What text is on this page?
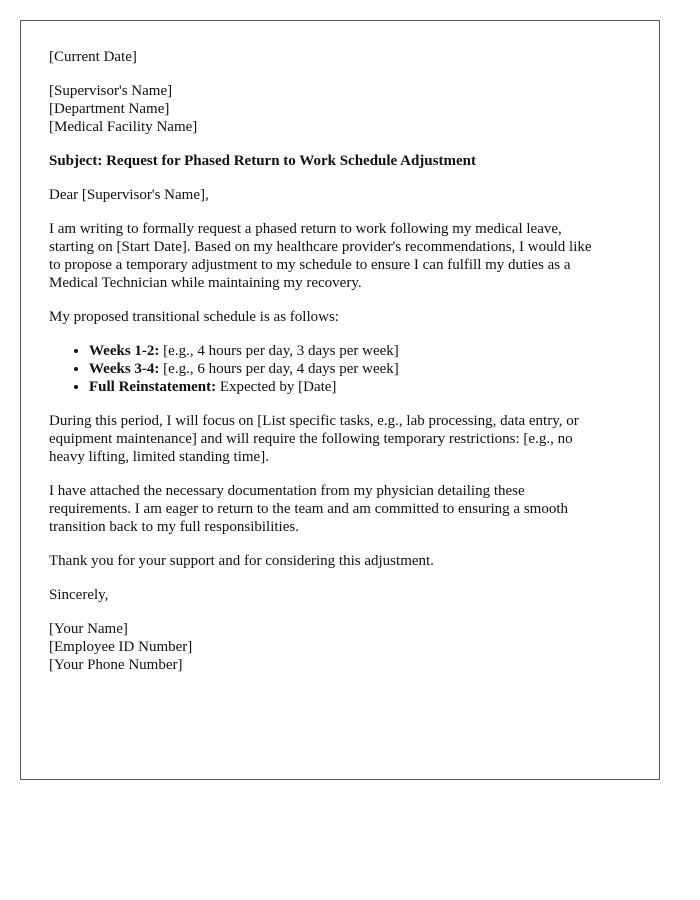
[Current Date]
[Supervisor's Name]
[Department Name]
[Medical Facility Name]
Subject: Request for Phased Return to Work Schedule Adjustment
Dear [Supervisor's Name],
I am writing to formally request a phased return to work following my medical leave,
starting on [Start Date]. Based on my healthcare provider's recommendations, I would like
to propose a temporary adjustment to my schedule to ensure I can fulfill my duties as a
Medical Technician while maintaining my recovery.
My proposed transitional schedule is as follows:
• Weeks 1-2: [e.g., 4 hours per day, 3 days per week]
• Weeks 3-4: [e.g., 6 hours per day, 4 days per week]
• Full Reinstatement: Expected by [Date]
During this period, I will focus on [List specific tasks, e.g., lab processing, data entry, or
equipment maintenance] and will require the following temporary restrictions: [e.g., no
heavy lifting, limited standing time].
I have attached the necessary documentation from my physician detailing these
requirements. I am eager to return to the team and am committed to ensuring a smooth
transition back to my full responsibilities.
Thank you for your support and for considering this adjustment.
Sincerely,
[Your Name]
[Employee ID Number]
[Your Phone Number]
